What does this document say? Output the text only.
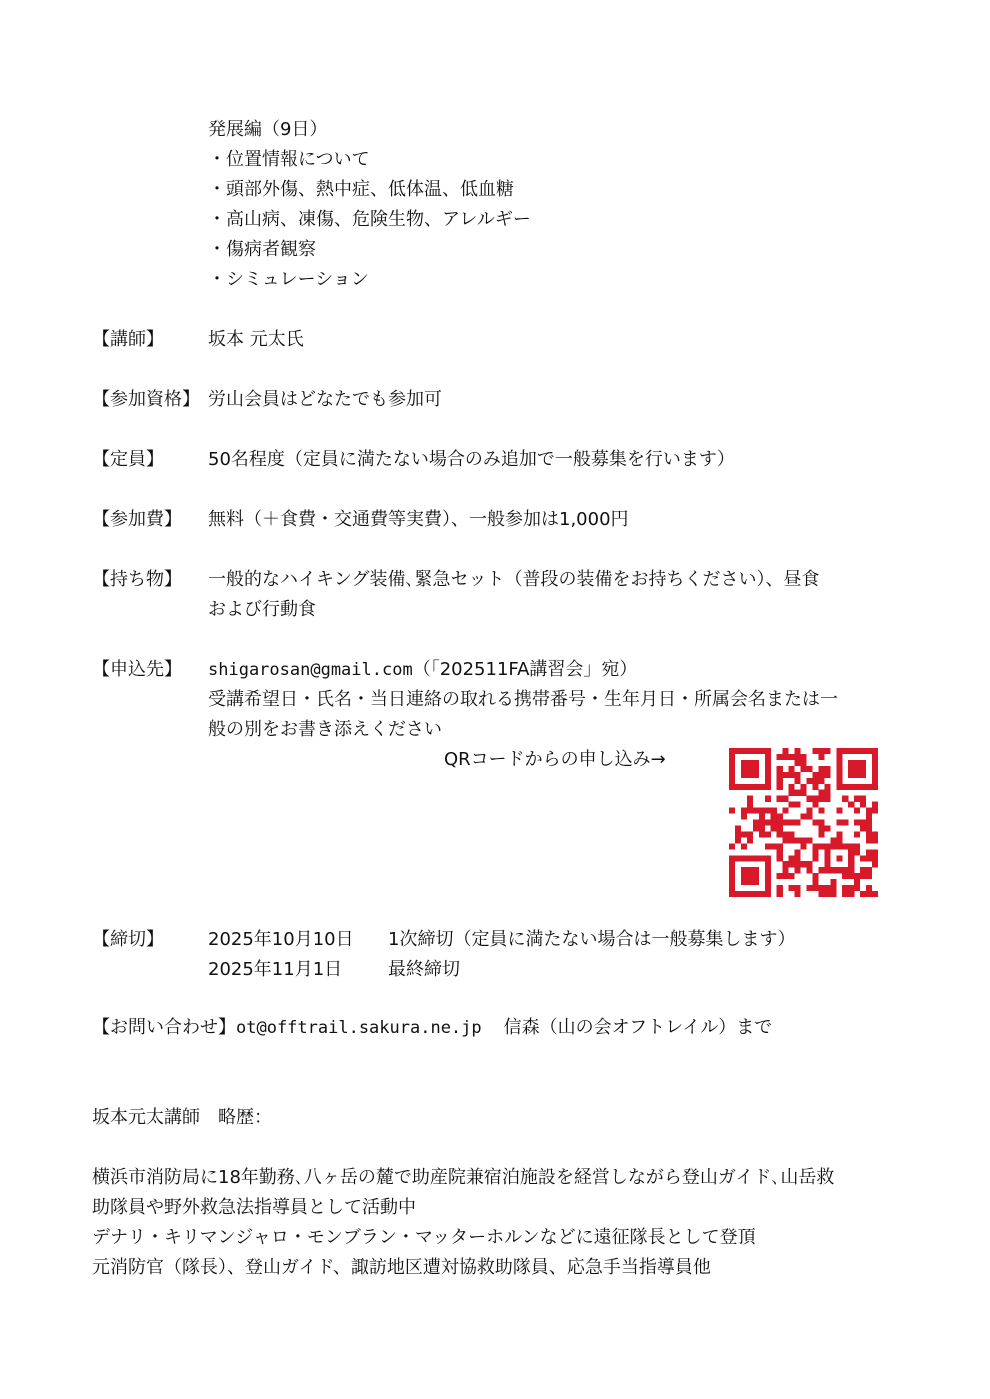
発展編（9日）
・位置情報について
・頭部外傷、熱中症、低体温、低血糖
・高山病、凍傷、危険生物、アレルギー
・傷病者観察
・シミュレーション
【講師】 坂本 元太氏
【参加資格】 労山会員はどなたでも参加可
【定員】 50名程度（定員に満たない場合のみ追加で一般募集を行います）
【参加費】 無料（＋食費・交通費等実費）、一般参加は1,000円
【持ち物】 一般的なハイキング装備､緊急セット（普段の装備をお持ちください）、昼食
および行動食
【申込先】 shigarosan@gmail.com（「202511FA講習会」宛）
受講希望日・氏名・当日連絡の取れる携帯番号・生年月日・所属会名または一
般の別をお書き添えください
QRコードからの申し込み→
【締切】 2025年10月10日 1次締切（定員に満たない場合は一般募集します）
2025年11月1日	最終締切
【お問い合わせ】ot@offtrail.sakura.ne.jp 信森（山の会オフトレイル）まで
坂本元太講師　略歴：
横浜市消防局に18年勤務､八ヶ岳の麓で助産院兼宿泊施設を経営しながら登山ガイド､山岳救
助隊員や野外救急法指導員として活動中
デナリ・キリマンジャロ・モンブラン・マッターホルンなどに遠征隊長として登頂
元消防官（隊長）、登山ガイド、諏訪地区遭対協救助隊員、応急手当指導員他
